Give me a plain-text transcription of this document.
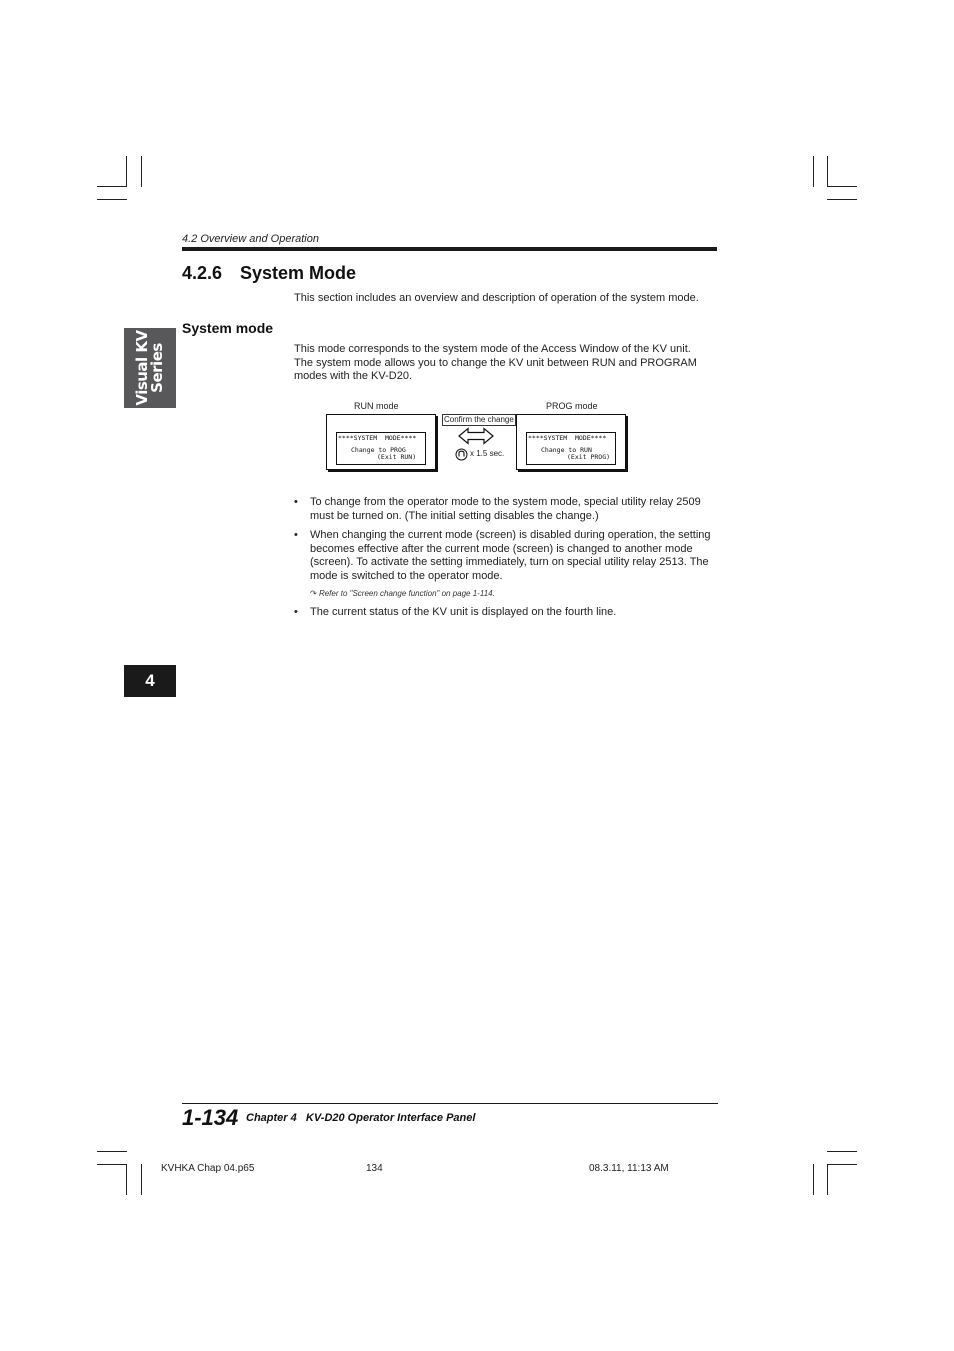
4.2 Overview and Operation
4.2.6 System Mode
This section includes an overview and description of operation of the system mode.
System mode
Visual KV
Series
4
This mode corresponds to the system mode of the Access Window of the KV unit.
The system mode allows you to change the KV unit between RUN and PROGRAM
modes with the KV-D20.
RUN mode	PROG mode
****SYSTEM  MODE****
Change to PROG
(Exit RUN)
****SYSTEM  MODE****
Change to RUN
(Exit PROG)
Confirm the change
x 1.5 sec.
• To change from the operator mode to the system mode, special utility relay 2509 must be turned on. (The initial setting disables the change.)
• When changing the current mode (screen) is disabled during operation, the setting becomes effective after the current mode (screen) is changed to another mode (screen). To activate the setting immediately, turn on special utility relay 2513. The mode is switched to the operator mode.
↷ Refer to "Screen change function" on page 1-114.
• The current status of the KV unit is displayed on the fourth line.
1-134 Chapter 4   KV-D20 Operator Interface Panel
KVHKA Chap 04.p65	134	08.3.11, 11:13 AM
